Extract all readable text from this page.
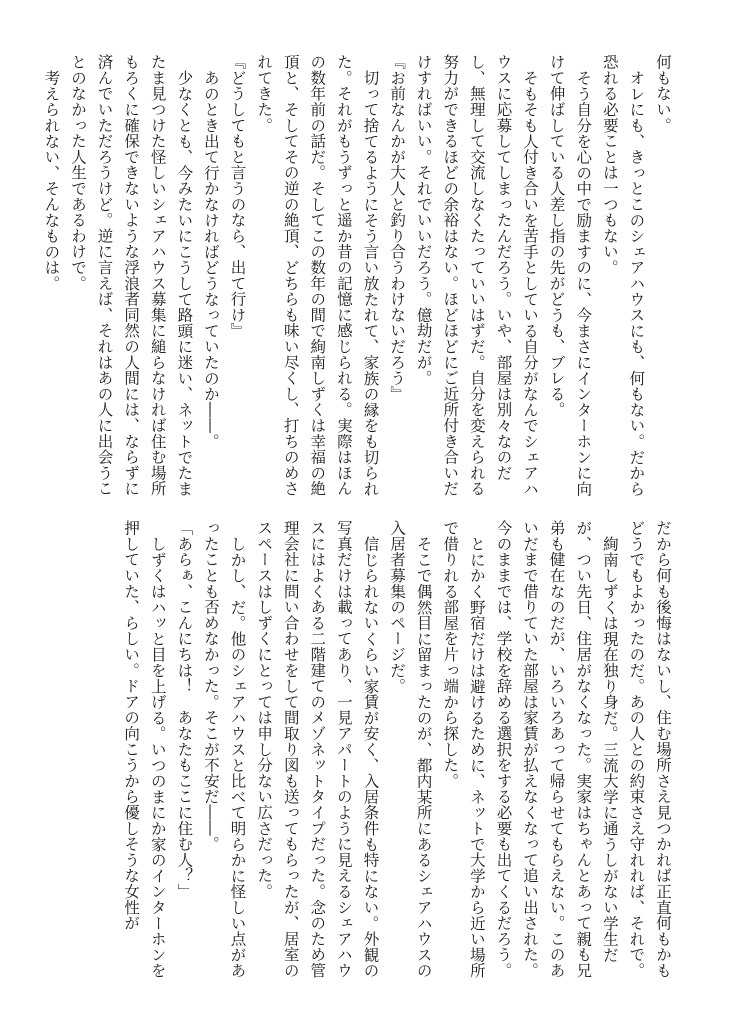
何もない。

オレにも、きっとこのシェアハウスにも、何もない。だから恐れる必要ことは一つもない。

そう自分を心の中で励ますのに、今まさにインターホンに向けて伸ばしている人差し指の先がどうも、ブレる。

そもそも人付き合いを苦手としている自分がなんでシェアハウスに応募してしまったんだろう。いや、部屋は別々なのだし、無理して交流しなくたっていいはずだ。自分を変えられる努力ができるほどの余裕はない。ほどほどにご近所付き合いだけすればいい。それでいいだろう。億劫だが。

『お前なんかが大人と釣り合うわけないだろう』

切って捨てるようにそう言い放たれて、家族の縁をも切られた。それがもうずっと遥か昔の記憶に感じられる。実際はほんの数年前の話だ。そしてこの数年の間で絢南しずくは幸福の絶頂と、そしてその逆の絶頂、どちらも味い尽くし、打ちのめされてきた。

『どうしてもと言うのなら、出て行け』

あのとき出て行かなければどうなっていたのか――。

少なくとも、今みたいにこうして路頭に迷い、ネットでたまたま見つけた怪しいシェアハウス募集に縋らなければ住む場所もろくに確保できないような浮浪者同然の人間には、ならずに済んでいただろうけど。逆に言えば、それはあの人に出会うことのなかった人生であるわけで。

考えられない、そんなものは。

だから何も後悔はないし、住む場所さえ見つかれば正直何もかもどうでもよかったのだ。あの人との約束さえ守れれば、それで。

絢南しずくは現在独り身だ。三流大学に通うしがない学生だが、つい先日、住居がなくなった。実家はちゃんとあって親も兄弟も健在なのだが、いろいろあって帰らせてもらえない。このあいだまで借りていた部屋は家賃が払えなくなって追い出された。今のままでは、学校を辞める選択をする必要も出てくるだろう。

とにかく野宿だけは避けるために、ネットで大学から近い場所で借りれる部屋を片っ端から探した。

そこで偶然目に留まったのが、都内某所にあるシェアハウスの入居者募集のページだ。

信じられないくらい家賃が安く、入居条件も特にない。外観の写真だけは載ってあり、一見アパートのように見えるシェアハウスにはよくある二階建てのメゾネットタイプだった。念のため管理会社に問い合わせをして間取り図も送ってもらったが、居室のスペースはしずくにとっては申し分ない広さだった。

しかし、だ。他のシェアハウスと比べて明らかに怪しい点があったことも否めなかった。そこが不安だ――。

「あらぁ、こんにちは！　あなたもここに住む人？」

しずくはハッと目を上げる。いつのまにか家のインターホンを押していた、らしい。ドアの向こうから優しそうな女性が
